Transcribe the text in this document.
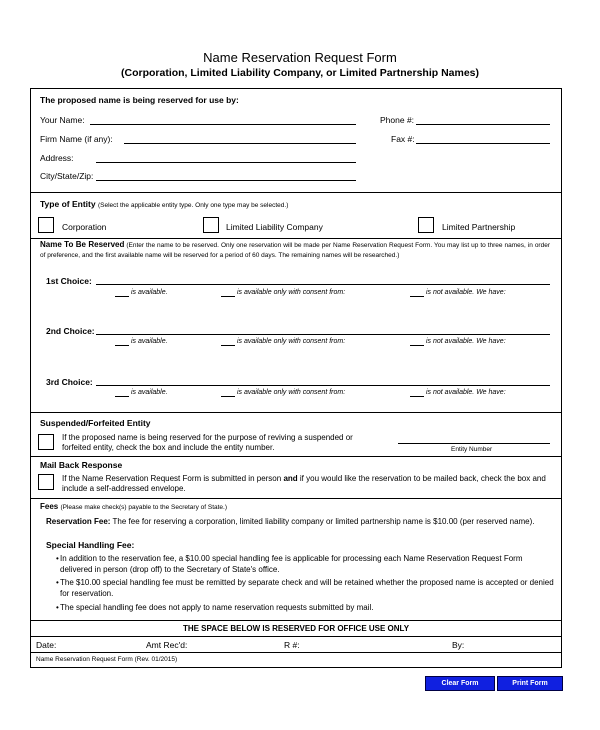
Name Reservation Request Form
(Corporation, Limited Liability Company, or Limited Partnership Names)
The proposed name is being reserved for use by:
Your Name:	Phone #:
Firm Name (if any):	Fax #:
Address:
City/State/Zip:
Type of Entity (Select the applicable entity type. Only one type may be selected.)
Corporation	Limited Liability Company	Limited Partnership
Name To Be Reserved (Enter the name to be reserved. Only one reservation will be made per Name Reservation Request Form. You may list up to three names, in order of preference, and the first available name will be reserved for a period of 60 days. The remaining names will be researched.)
1st Choice:
is available.	is available only with consent from:	is not available. We have:
2nd Choice:
is available.	is available only with consent from:	is not available. We have:
3rd Choice:
is available.	is available only with consent from:	is not available. We have:
Suspended/Forfeited Entity
If the proposed name is being reserved for the purpose of reviving a suspended or forfeited entity, check the box and include the entity number.	Entity Number
Mail Back Response
If the Name Reservation Request Form is submitted in person and if you would like the reservation to be mailed back, check the box and include a self-addressed envelope.
Fees (Please make check(s) payable to the Secretary of State.)
Reservation Fee: The fee for reserving a corporation, limited liability company or limited partnership name is $10.00 (per reserved name).
Special Handling Fee:
• In addition to the reservation fee, a $10.00 special handling fee is applicable for processing each Name Reservation Request Form delivered in person (drop off) to the Secretary of State's office.
• The $10.00 special handling fee must be remitted by separate check and will be retained whether the proposed name is accepted or denied for reservation.
• The special handling fee does not apply to name reservation requests submitted by mail.
THE SPACE BELOW IS RESERVED FOR OFFICE USE ONLY
Date:	Amt Rec'd:	R #:	By:
Name Reservation Request Form (Rev. 01/2015)
Clear Form	Print Form
